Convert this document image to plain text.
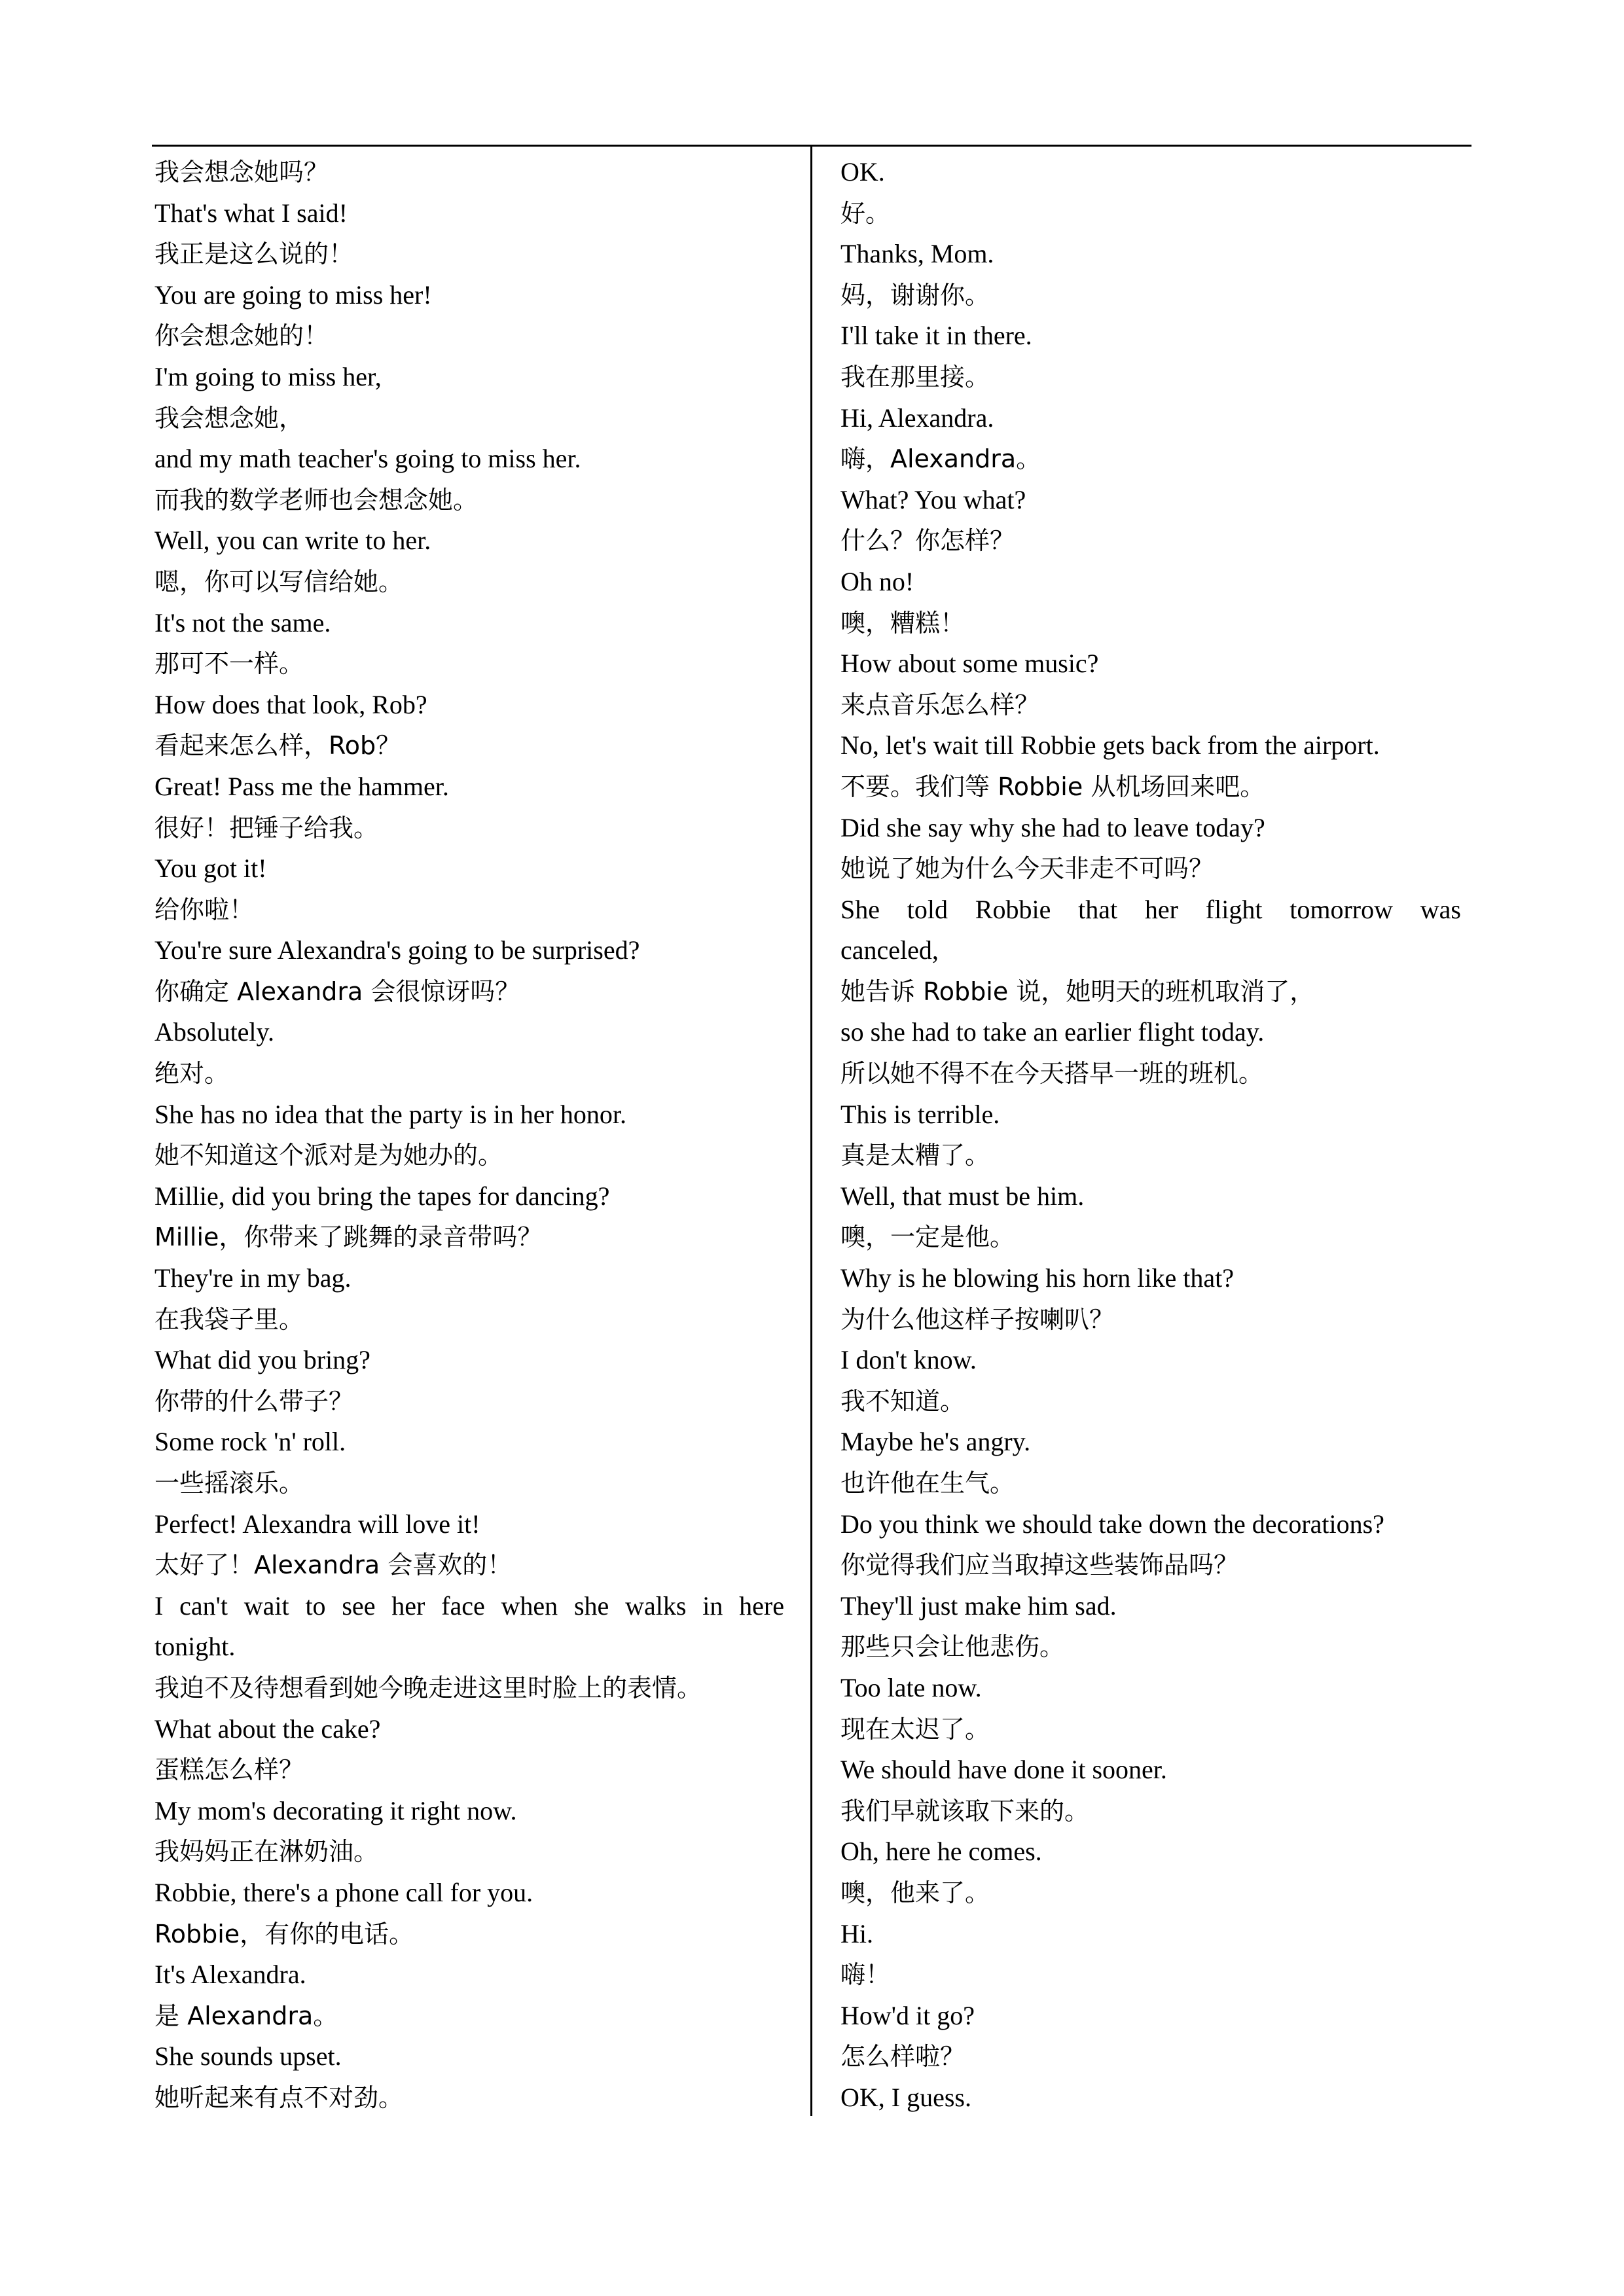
我会想念她吗？
That's what I said!
我正是这么说的！
You are going to miss her!
你会想念她的！
I'm going to miss her,
我会想念她，
and my math teacher's going to miss her.
而我的数学老师也会想念她。
Well, you can write to her.
嗯，你可以写信给她。
It's not the same.
那可不一样。
How does that look, Rob?
看起来怎么样，Rob？
Great! Pass me the hammer.
很好！把锤子给我。
You got it!
给你啦！
You're sure Alexandra's going to be surprised?
你确定 Alexandra 会很惊讶吗？
Absolutely.
绝对。
She has no idea that the party is in her honor.
她不知道这个派对是为她办的。
Millie, did you bring the tapes for dancing?
Millie，你带来了跳舞的录音带吗？
They're in my bag.
在我袋子里。
What did you bring?
你带的什么带子？
Some rock 'n' roll.
一些摇滚乐。
Perfect! Alexandra will love it!
太好了！Alexandra 会喜欢的！
I can't wait to see her face when she walks in here
tonight.
我迫不及待想看到她今晚走进这里时脸上的表情。
What about the cake?
蛋糕怎么样？
My mom's decorating it right now.
我妈妈正在淋奶油。
Robbie, there's a phone call for you.
Robbie，有你的电话。
It's Alexandra.
是 Alexandra。
She sounds upset.
她听起来有点不对劲。
OK.
好。
Thanks, Mom.
妈，谢谢你。
I'll take it in there.
我在那里接。
Hi, Alexandra.
嗨，Alexandra。
What? You what?
什么？你怎样？
Oh no!
噢，糟糕！
How about some music?
来点音乐怎么样？
No, let's wait till Robbie gets back from the airport.
不要。我们等 Robbie 从机场回来吧。
Did she say why she had to leave today?
她说了她为什么今天非走不可吗？
She told Robbie that her flight tomorrow was
canceled,
她告诉 Robbie 说，她明天的班机取消了，
so she had to take an earlier flight today.
所以她不得不在今天搭早一班的班机。
This is terrible.
真是太糟了。
Well, that must be him.
噢，一定是他。
Why is he blowing his horn like that?
为什么他这样子按喇叭？
I don't know.
我不知道。
Maybe he's angry.
也许他在生气。
Do you think we should take down the decorations?
你觉得我们应当取掉这些装饰品吗？
They'll just make him sad.
那些只会让他悲伤。
Too late now.
现在太迟了。
We should have done it sooner.
我们早就该取下来的。
Oh, here he comes.
噢，他来了。
Hi.
嗨！
How'd it go?
怎么样啦？
OK, I guess.
